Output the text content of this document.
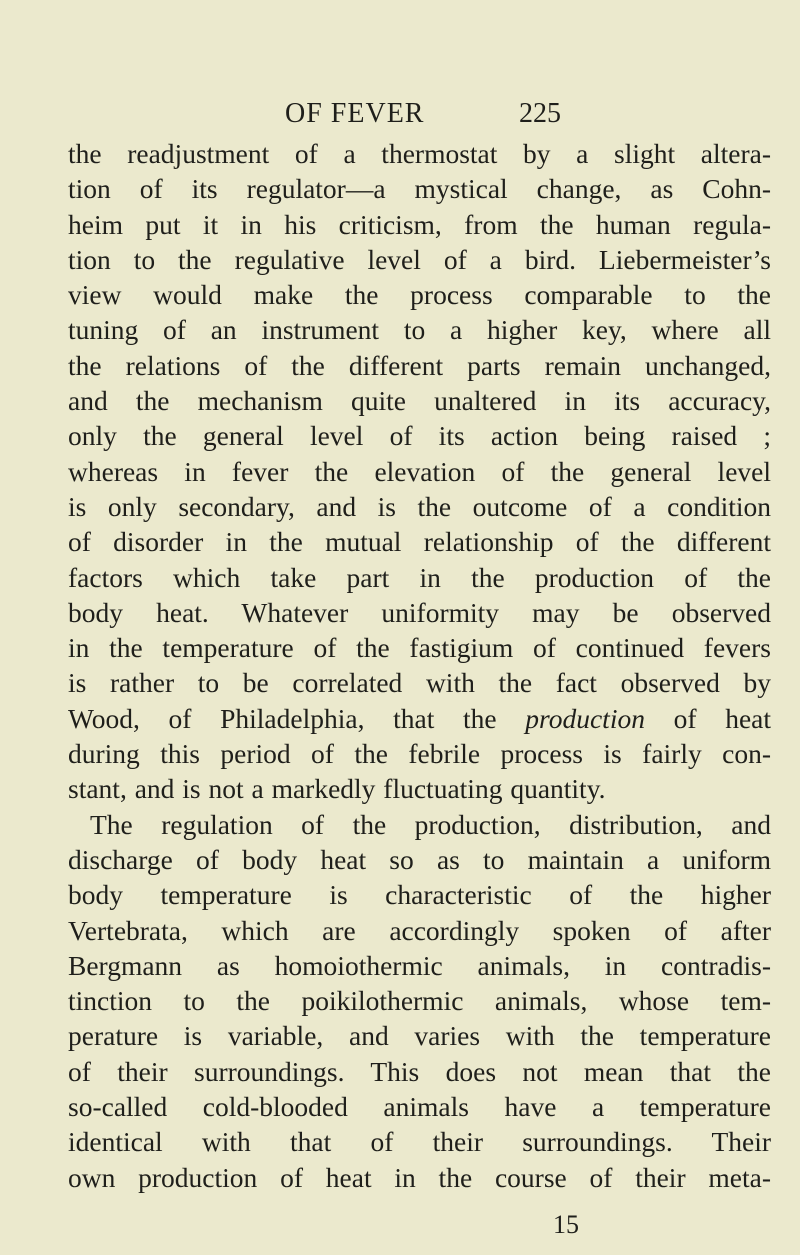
OF FEVER	225
the readjustment of a thermostat by a slight altera-
tion of its regulator—a mystical change, as Cohn-
heim put it in his criticism, from the human regula-
tion to the regulative level of a bird. Liebermeister’s
view would make the process comparable to the
tuning of an instrument to a higher key, where all
the relations of the different parts remain unchanged,
and the mechanism quite unaltered in its accuracy,
only the general level of its action being raised ;
whereas in fever the elevation of the general level
is only secondary, and is the outcome of a condition
of disorder in the mutual relationship of the different
factors which take part in the production of the
body heat. Whatever uniformity may be observed
in the temperature of the fastigium of continued fevers
is rather to be correlated with the fact observed by
Wood, of Philadelphia, that the production of heat
during this period of the febrile process is fairly con-
stant, and is not a markedly fluctuating quantity.
The regulation of the production, distribution, and
discharge of body heat so as to maintain a uniform
body temperature is characteristic of the higher
Vertebrata, which are accordingly spoken of after
Bergmann as homoiothermic animals, in contradis-
tinction to the poikilothermic animals, whose tem-
perature is variable, and varies with the temperature
of their surroundings. This does not mean that the
so-called cold-blooded animals have a temperature
identical with that of their surroundings. Their
own production of heat in the course of their meta-
15
